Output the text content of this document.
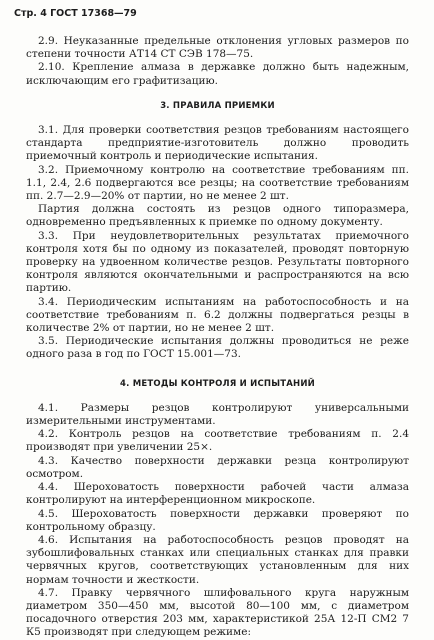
Стр. 4 ГОСТ 17368—79

2.9. Неуказанные предельные отклонения угловых размеров по степени точности АТ14 СТ СЭВ 178—75.

2.10. Крепление алмаза в державке должно быть надежным, исключающим его графитизацию.

3. ПРАВИЛА ПРИЕМКИ

3.1. Для проверки соответствия резцов требованиям настоящего стандарта предприятие-изготовитель должно проводить приемочный контроль и периодические испытания.

3.2. Приемочному контролю на соответствие требованиям пп. 1.1, 2.4, 2.6 подвергаются все резцы; на соответствие требованиям пп. 2.7—2.9—20% от партии, но не менее 2 шт.

Партия должна состоять из резцов одного типоразмера, одновременно предъявленных к приемке по одному документу.

3.3. При неудовлетворительных результатах приемочного контроля хотя бы по одному из показателей, проводят повторную проверку на удвоенном количестве резцов. Результаты повторного контроля являются окончательными и распространяются на всю партию.

3.4. Периодическим испытаниям на работоспособность и на соответствие требованиям п. 6.2 должны подвергаться резцы в количестве 2% от партии, но не менее 2 шт.

3.5. Периодические испытания должны проводиться не реже одного раза в год по ГОСТ 15.001—73.

4. МЕТОДЫ КОНТРОЛЯ И ИСПЫТАНИЙ

4.1. Размеры резцов контролируют универсальными измерительными инструментами.

4.2. Контроль резцов на соответствие требованиям п. 2.4 производят при увеличении 25×.

4.3. Качество поверхности державки резца контролируют осмотром.

4.4. Шероховатость поверхности рабочей части алмаза контролируют на интерференционном микроскопе.

4.5. Шероховатость поверхности державки проверяют по контрольному образцу.

4.6. Испытания на работоспособность резцов проводят на зубошлифовальных станках или специальных станках для правки червячных кругов, соответствующих установленным для них нормам точности и жесткости.

4.7. Правку червячного шлифовального круга наружным диаметром 350—450 мм, высотой 80—100 мм, с диаметром посадочного отверстия 203 мм, характеристикой 25А 12-П СМ2 7 К5 производят при следующем режиме:
